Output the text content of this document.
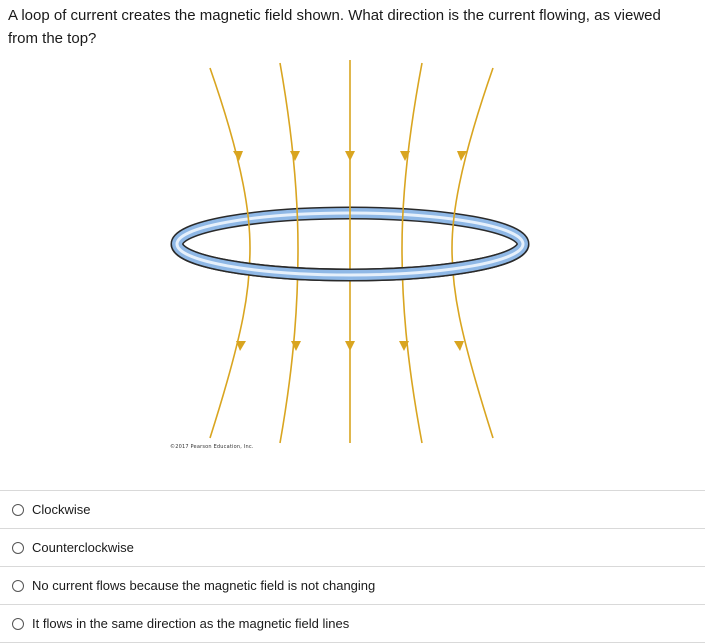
A loop of current creates the magnetic field shown. What direction is the current flowing, as viewed from the top?
©2017 Pearson Education, Inc.
Clockwise
Counterclockwise
No current flows because the magnetic field is not changing
It flows in the same direction as the magnetic field lines
